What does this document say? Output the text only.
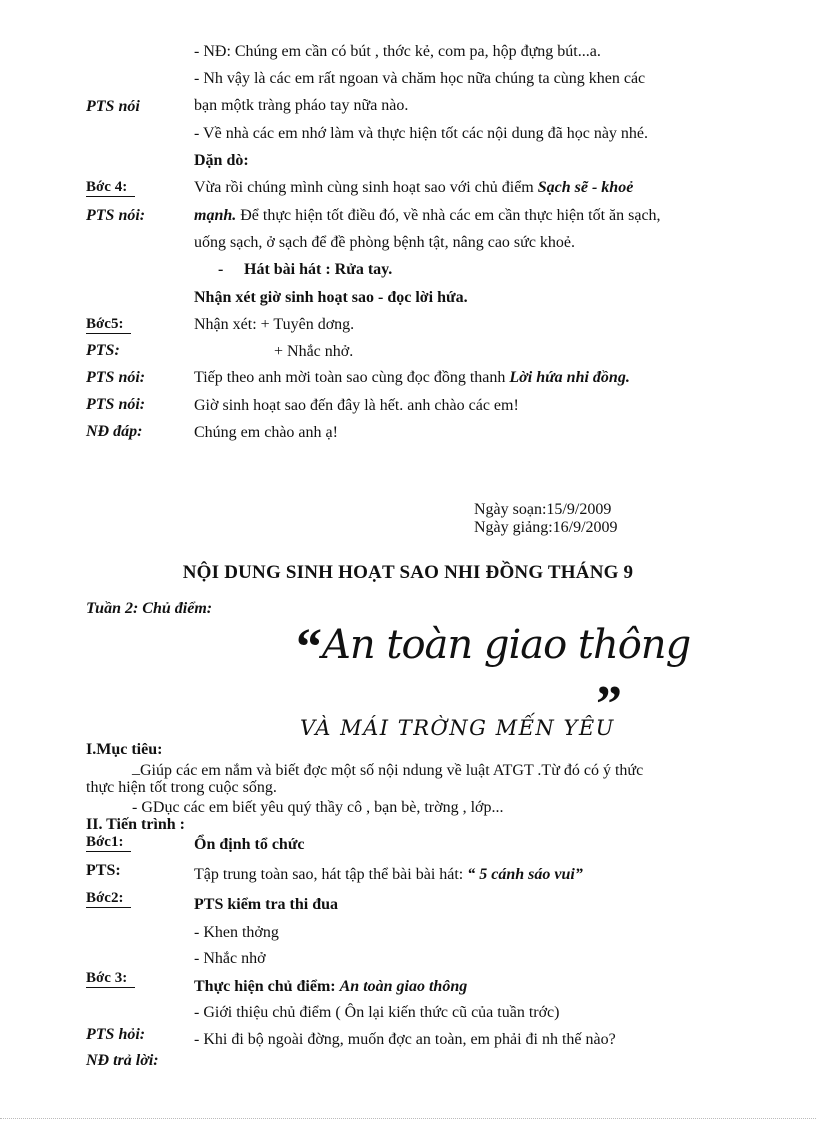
- NĐ: Chúng em cần có bút , thớc kẻ, com pa, hộp đựng bút...a.
- Nh vậy là các em rất ngoan và chăm học nữa chúng ta cùng khen các
PTS nói	bạn mộtk tràng pháo tay nữa nào.
- Về nhà các em nhớ làm và thực hiện tốt các nội dung đã học này nhé.
Dặn dò:
Bớc 4:	Vừa rồi chúng mình cùng sinh hoạt sao với chủ điểm Sạch sẽ - khoẻ
PTS nói:	mạnh. Để thực hiện tốt điều đó, về nhà các em cần thực hiện tốt ăn sạch,
uống sạch, ở sạch để đề phòng bệnh tật, nâng cao sức khoẻ.
- Hát bài hát : Rửa tay.
Nhận xét giờ sinh hoạt sao - đọc lời hứa.
Bớc5:	Nhận xét: + Tuyên dơng.
PTS:	+ Nhắc nhở.
PTS nói:	Tiếp theo anh mời toàn sao cùng đọc đồng thanh Lời hứa nhi đồng.
PTS nói:	Giờ sinh hoạt sao đến đây là hết. anh chào các em!
NĐ đáp:	Chúng em chào anh ạ!
Ngày soạn:15/9/2009
Ngày giảng:16/9/2009
NỘI DUNG SINH HOẠT SAO NHI ĐỒNG THÁNG 9
Tuần 2: Chủ điểm:
“ An toàn giao thông
”
VÀ MÁI TRỜNG MẾN YÊU
I.Mục tiêu:
_ Giúp các em nắm và biết đợc một số nội ndung về luật ATGT .Từ đó có ý thức
thực hiện tốt trong cuộc sống.
- GDục các em biết yêu quý thầy cô , bạn bè, trờng , lớp...
II. Tiến trình :
Bớc1:	Ổn định tổ chức
PTS:	Tập trung toàn sao, hát tập thể bài bài hát: “ 5 cánh sáo vui”
Bớc2:	PTS kiểm tra thi đua
- Khen thởng
- Nhắc nhở
Bớc 3:	Thực hiện chủ điểm: An toàn giao thông
- Giới thiệu chủ điểm ( Ôn lại kiến thức cũ của tuần trớc)
PTS hỏi:	- Khi đi bộ ngoài đờng, muốn đợc an toàn, em phải đi nh thế nào?
NĐ trả lời:
